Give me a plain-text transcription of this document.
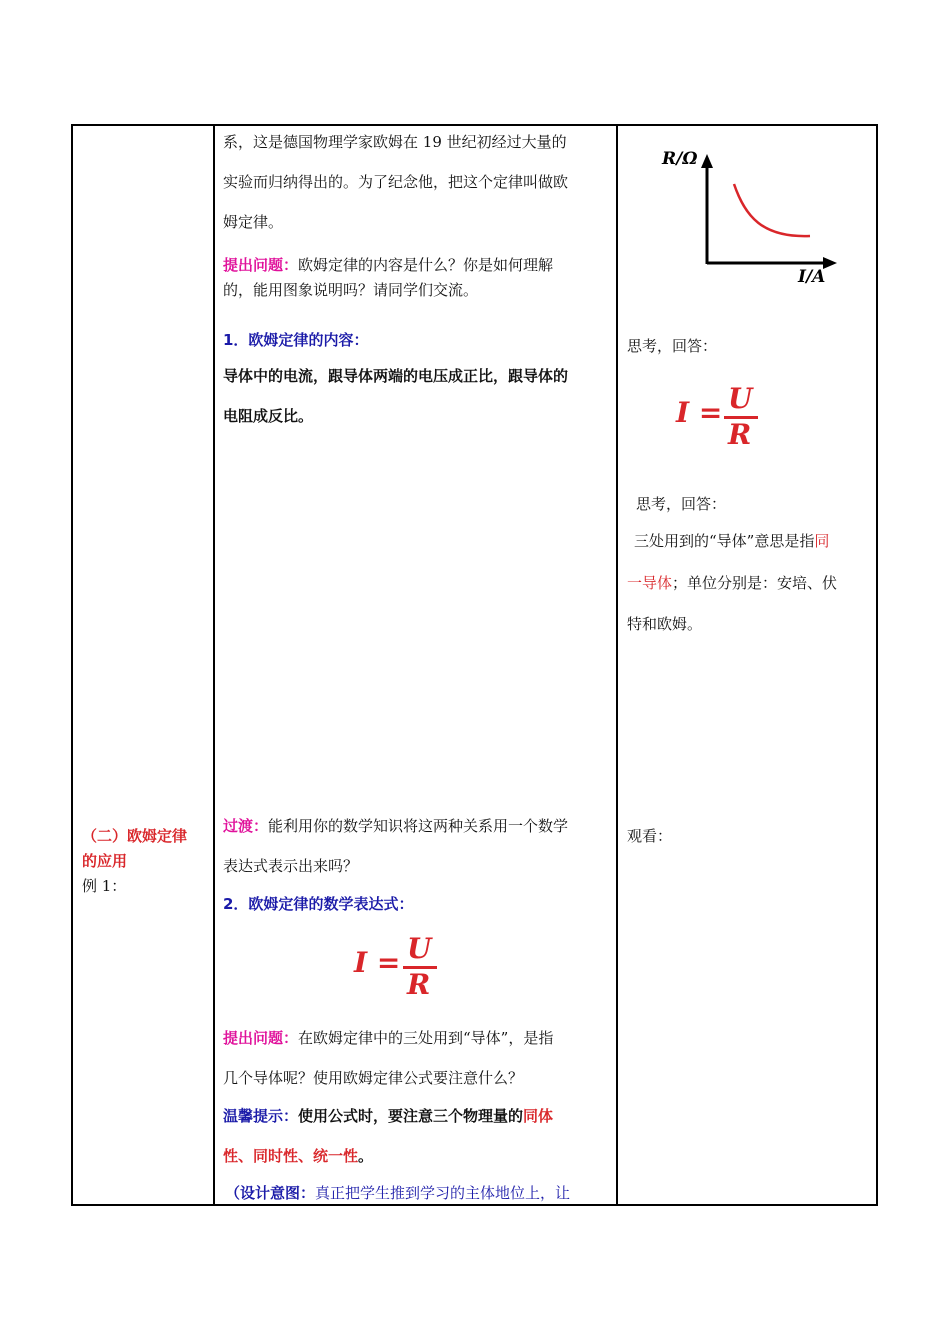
（二）欧姆定律
的应用
例 1：
系，这是德国物理学家欧姆在 19 世纪初经过大量的
实验而归纳得出的。为了纪念他，把这个定律叫做欧
姆定律。
提出问题：欧姆定律的内容是什么？你是如何理解
的，能用图象说明吗？请同学们交流。
1．欧姆定律的内容：
导体中的电流，跟导体两端的电压成正比，跟导体的
电阻成反比。
过渡：能利用你的数学知识将这两种关系用一个数学
表达式表示出来吗？
2．欧姆定律的数学表达式：
I = U
R
提出问题：在欧姆定律中的三处用到“导体”，是指
几个导体呢？使用欧姆定律公式要注意什么？
温馨提示：使用公式时，要注意三个物理量的同体
性、同时性、统一性。
（设计意图：真正把学生推到学习的主体地位上，让
R/Ω
I/A
思考，回答：
I = U
R
思考，回答：
三处用到的“导体”意思是指同
一导体；单位分别是：安培、伏
特和欧姆。
观看：
